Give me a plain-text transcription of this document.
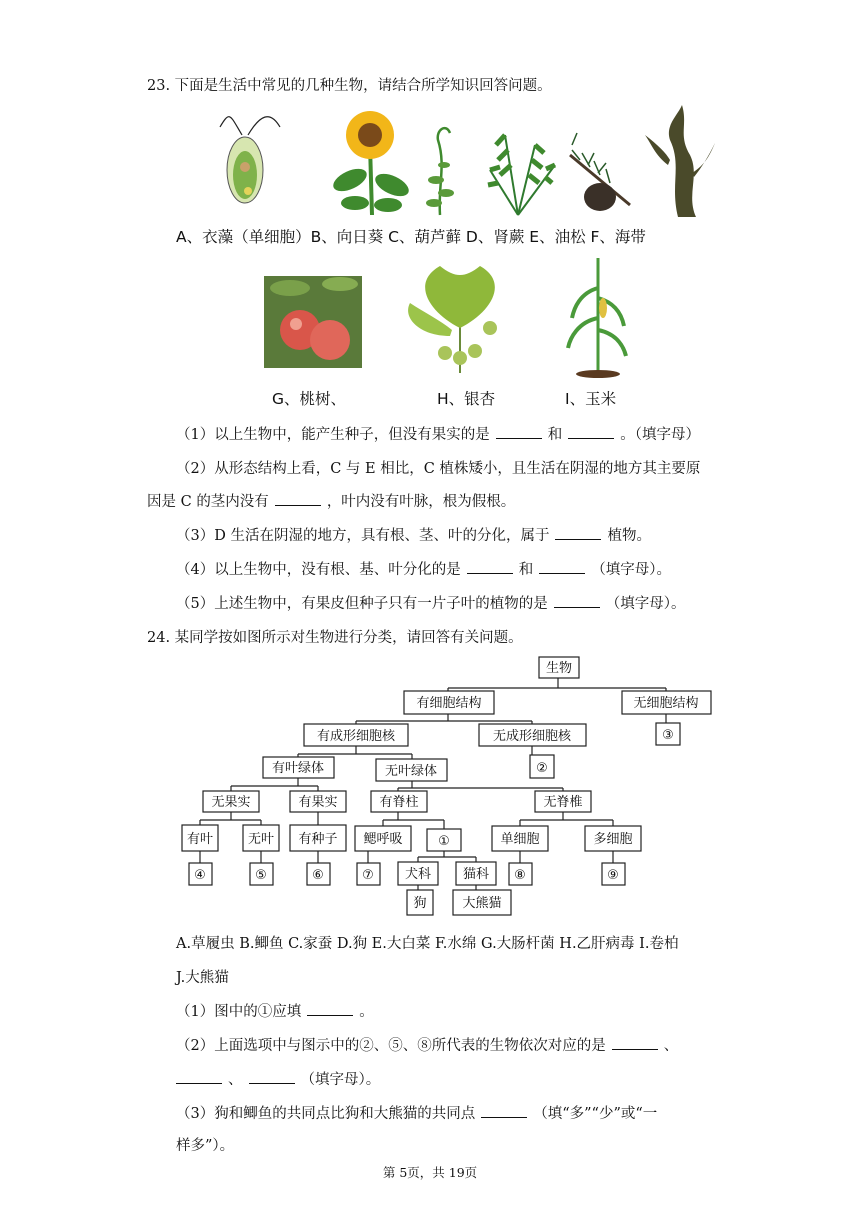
23. 下面是生活中常见的几种生物，请结合所学知识回答问题。
A、衣藻（单细胞）B、向日葵 C、葫芦藓 D、肾蕨 E、油松 F、海带
G、桃树、	H、银杏	I、玉米
（1）以上生物中，能产生种子，但没有果实的是	和	。（填字母）
（2）从形态结构上看，C 与 E 相比，C 植株矮小，且生活在阴湿的地方其主要原
因是 C 的茎内没有	，叶内没有叶脉，根为假根。
（3）D 生活在阴湿的地方，具有根、茎、叶的分化，属于	植物。
（4）以上生物中，没有根、基、叶分化的是	和	（填字母）。
（5）上述生物中，有果皮但种子只有一片子叶的植物的是	（填字母）。
24. 某同学按如图所示对生物进行分类，请回答有关问题。
生物
有细胞结构	无细胞结构
③
有成形细胞核	无成形细胞核
②
有叶绿体	无叶绿体
无果实	有果实	有脊柱	无脊椎
有叶	无叶 有种子 鳃呼吸	①	单细胞	多细胞
④	⑤	⑥	⑦ 犬科 猫科 ⑧	⑨
狗	大熊猫
A.草履虫 B.鲫鱼 C.家蚕 D.狗 E.大白菜 F.水绵 G.大肠杆菌 H.乙肝病毒 I.卷柏
J.大熊猫
（1）图中的①应填	。
（2）上面选项中与图示中的②、⑤、⑧所代表的生物依次对应的是	、
、	（填字母）。
（3）狗和鲫鱼的共同点比狗和大熊猫的共同点	（填“多”“少”或“一
样多”）。
第 5页，共 19页
